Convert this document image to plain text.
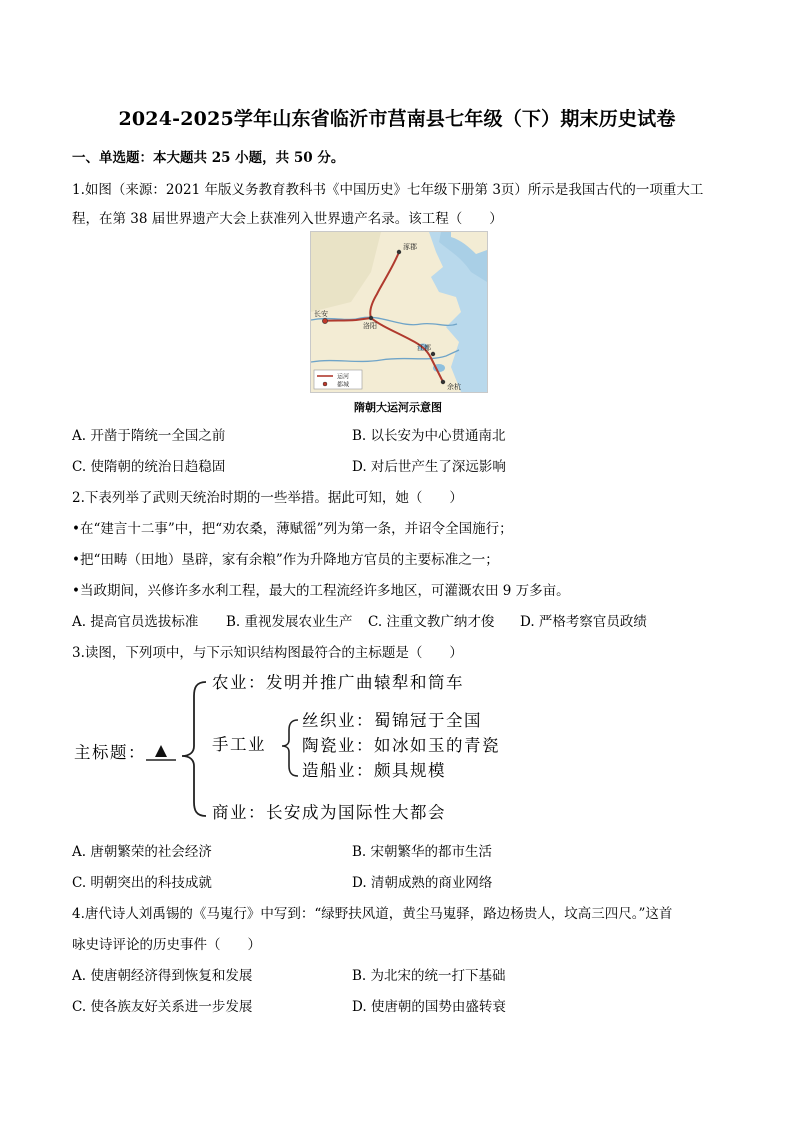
2024-2025学年山东省临沂市莒南县七年级（下）期末历史试卷
一、单选题：本大题共 25 小题，共 50 分。
1.如图（来源：2021 年版义务教育教科书《中国历史》七年级下册第 3页）所示是我国古代的一项重大工
程，在第 38 届世界遗产大会上获准列入世界遗产名录。该工程（　　）
涿郡
长安
洛阳
江都
余杭
运河
都城
隋朝大运河示意图
A. 开凿于隋统一全国之前	B. 以长安为中心贯通南北
C. 使隋朝的统治日趋稳固	D. 对后世产生了深远影响
2.下表列举了武则天统治时期的一些举措。据此可知，她（　　）
•在“建言十二事”中，把“劝农桑，薄赋徭”列为第一条，并诏令全国施行；
•把“田畴（田地）垦辟，家有余粮”作为升降地方官员的主要标准之一；
•当政期间，兴修许多水利工程，最大的工程流经许多地区，可灌溉农田 9 万多亩。
A. 提高官员选拔标准 B. 重视发展农业生产 C. 注重文教广纳才俊 D. 严格考察官员政绩
3.读图，下列项中，与下示知识结构图最符合的主标题是（　　）
主标题：
农业：发明并推广曲辕犁和筒车
手工业
丝织业：蜀锦冠于全国
陶瓷业：如冰如玉的青瓷
造船业：颇具规模
商业：长安成为国际性大都会
A. 唐朝繁荣的社会经济	B. 宋朝繁华的都市生活
C. 明朝突出的科技成就	D. 清朝成熟的商业网络
4.唐代诗人刘禹锡的《马嵬行》中写到：“绿野扶风道，黄尘马嵬驿，路边杨贵人，坟高三四尺。”这首
咏史诗评论的历史事件（　　）
A. 使唐朝经济得到恢复和发展	B. 为北宋的统一打下基础
C. 使各族友好关系进一步发展	D. 使唐朝的国势由盛转衰
